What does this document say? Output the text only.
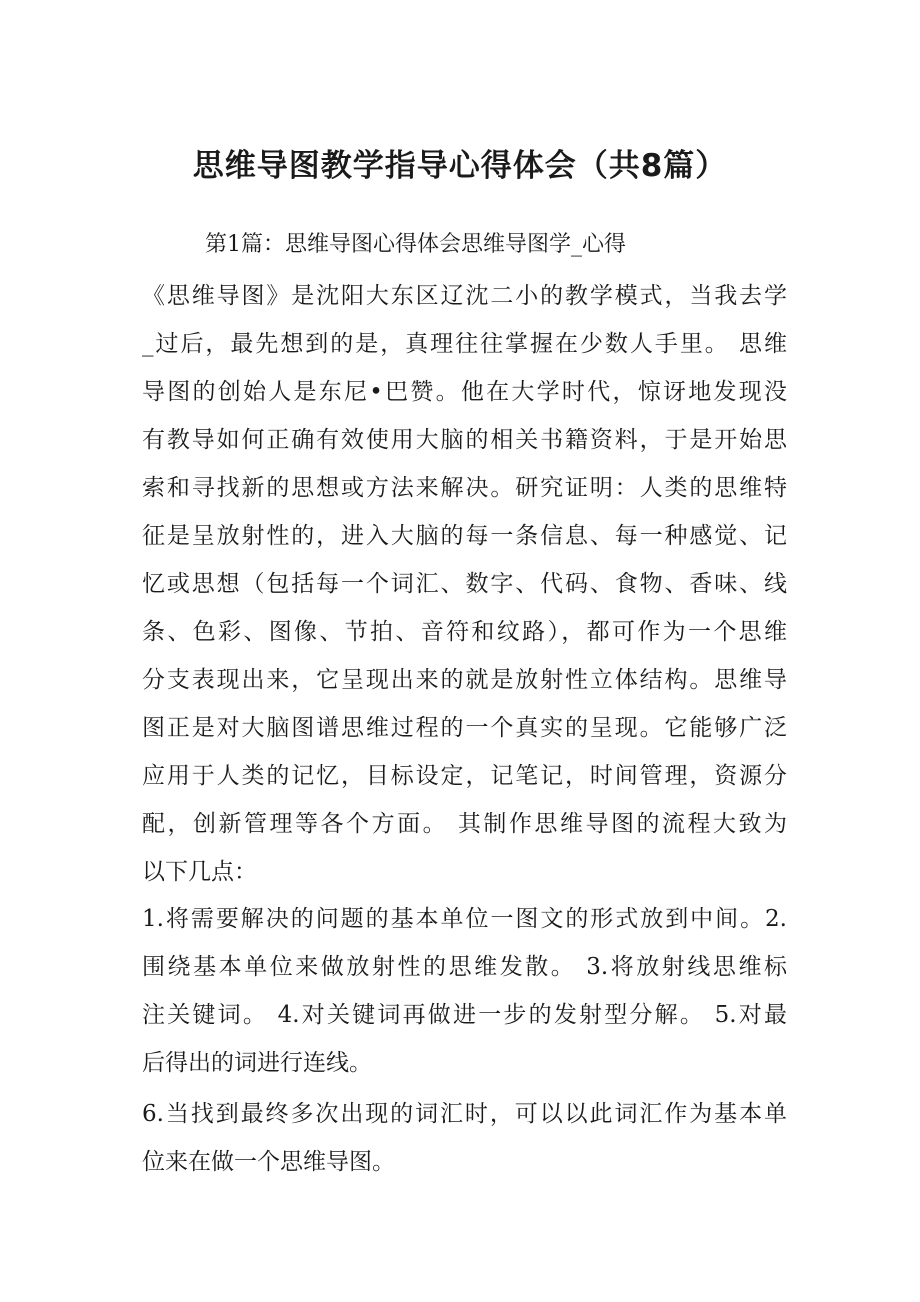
思维导图教学指导心得体会（共8篇）

第1篇：思维导图心得体会思维导图学_心得

《思维导图》是沈阳大东区辽沈二小的教学模式，当我去学
_过后，最先想到的是，真理往往掌握在少数人手里。 思维
导图的创始人是东尼•巴赞。他在大学时代，惊讶地发现没
有教导如何正确有效使用大脑的相关书籍资料，于是开始思
索和寻找新的思想或方法来解决。研究证明：人类的思维特
征是呈放射性的，进入大脑的每一条信息、每一种感觉、记
忆或思想（包括每一个词汇、数字、代码、食物、香味、线
条、色彩、图像、节拍、音符和纹路），都可作为一个思维
分支表现出来，它呈现出来的就是放射性立体结构。思维导
图正是对大脑图谱思维过程的一个真实的呈现。它能够广泛
应用于人类的记忆，目标设定，记笔记，时间管理，资源分
配，创新管理等各个方面。 其制作思维导图的流程大致为
以下几点：
1.将需要解决的问题的基本单位一图文的形式放到中间。2.
围绕基本单位来做放射性的思维发散。 3.将放射线思维标
注关键词。 4.对关键词再做进一步的发射型分解。 5.对最
后得出的词进行连线。
6.当找到最终多次出现的词汇时，可以以此词汇作为基本单
位来在做一个思维导图。
